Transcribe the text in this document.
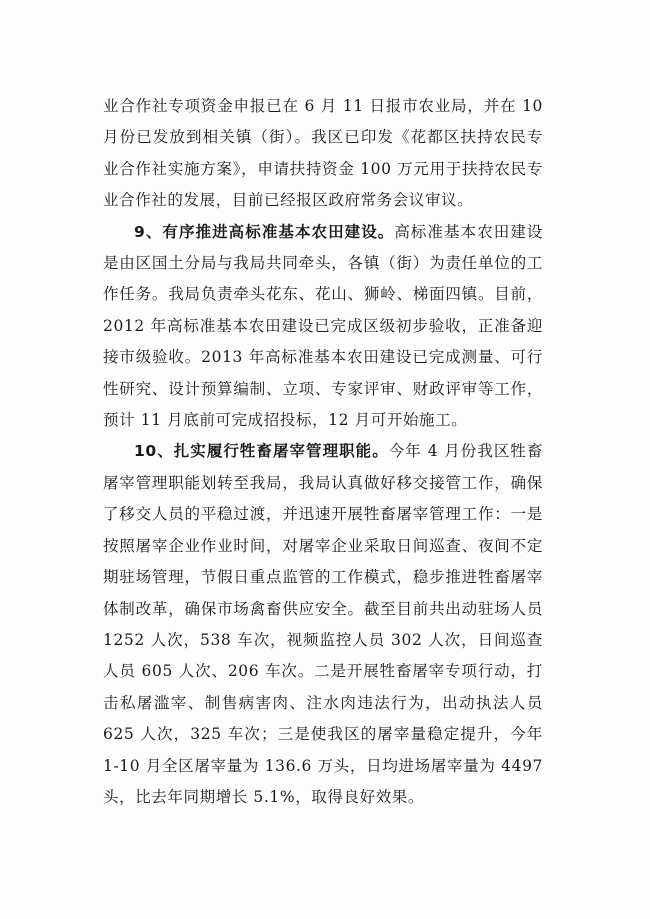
业合作社专项资金申报已在 6 月 11 日报市农业局，并在 10 月份已发放到相关镇（街）。我区已印发《花都区扶持农民专业合作社实施方案》，申请扶持资金 100 万元用于扶持农民专业合作社的发展，目前已经报区政府常务会议审议。

9、有序推进高标准基本农田建设。高标准基本农田建设是由区国土分局与我局共同牵头，各镇（街）为责任单位的工作任务。我局负责牵头花东、花山、狮岭、梯面四镇。目前，2012 年高标准基本农田建设已完成区级初步验收，正准备迎接市级验收。2013 年高标准基本农田建设已完成测量、可行性研究、设计预算编制、立项、专家评审、财政评审等工作，预计 11 月底前可完成招投标，12 月可开始施工。

10、扎实履行牲畜屠宰管理职能。今年 4 月份我区牲畜屠宰管理职能划转至我局，我局认真做好移交接管工作，确保了移交人员的平稳过渡，并迅速开展牲畜屠宰管理工作：一是按照屠宰企业作业时间，对屠宰企业采取日间巡查、夜间不定期驻场管理，节假日重点监管的工作模式，稳步推进牲畜屠宰体制改革，确保市场禽畜供应安全。截至目前共出动驻场人员 1252 人次，538 车次，视频监控人员 302 人次，日间巡查人员 605 人次、206 车次。二是开展牲畜屠宰专项行动，打击私屠滥宰、制售病害肉、注水肉违法行为，出动执法人员 625 人次，325 车次；三是使我区的屠宰量稳定提升，今年 1-10 月全区屠宰量为 136.6 万头，日均进场屠宰量为 4497 头，比去年同期增长 5.1%，取得良好效果。
